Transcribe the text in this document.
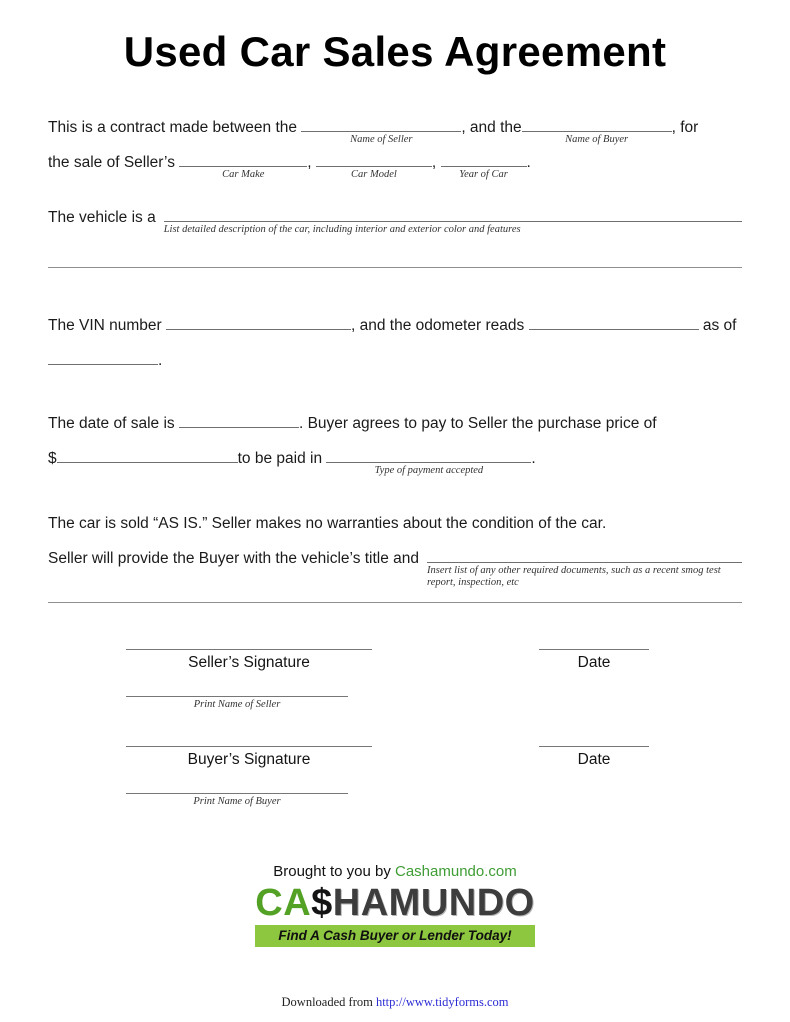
Used Car Sales Agreement
This is a contract made between the
Name of Seller
, and the
Name of Buyer
, for
the sale of Seller’s
Car Make
,
Car Model
,
Year of Car
.
The vehicle is a
List detailed description of the car, including interior and exterior color and features
The VIN number	, and the odometer reads	as of
.
The date of sale is	. Buyer agrees to pay to Seller the purchase price of
$	to be paid in
Type of payment accepted
.
The car is sold “AS IS.” Seller makes no warranties about the condition of the car.
Seller will provide the Buyer with the vehicle’s title and
Insert list of any other required documents, such as a recent smog test report, inspection, etc
Seller’s Signature	Date
Print Name of Seller
Buyer’s Signature	Date
Print Name of Buyer
Brought to you by Cashamundo.com
CA$HAMUNDO
Find A Cash Buyer or Lender Today!
Downloaded from http://www.tidyforms.com
